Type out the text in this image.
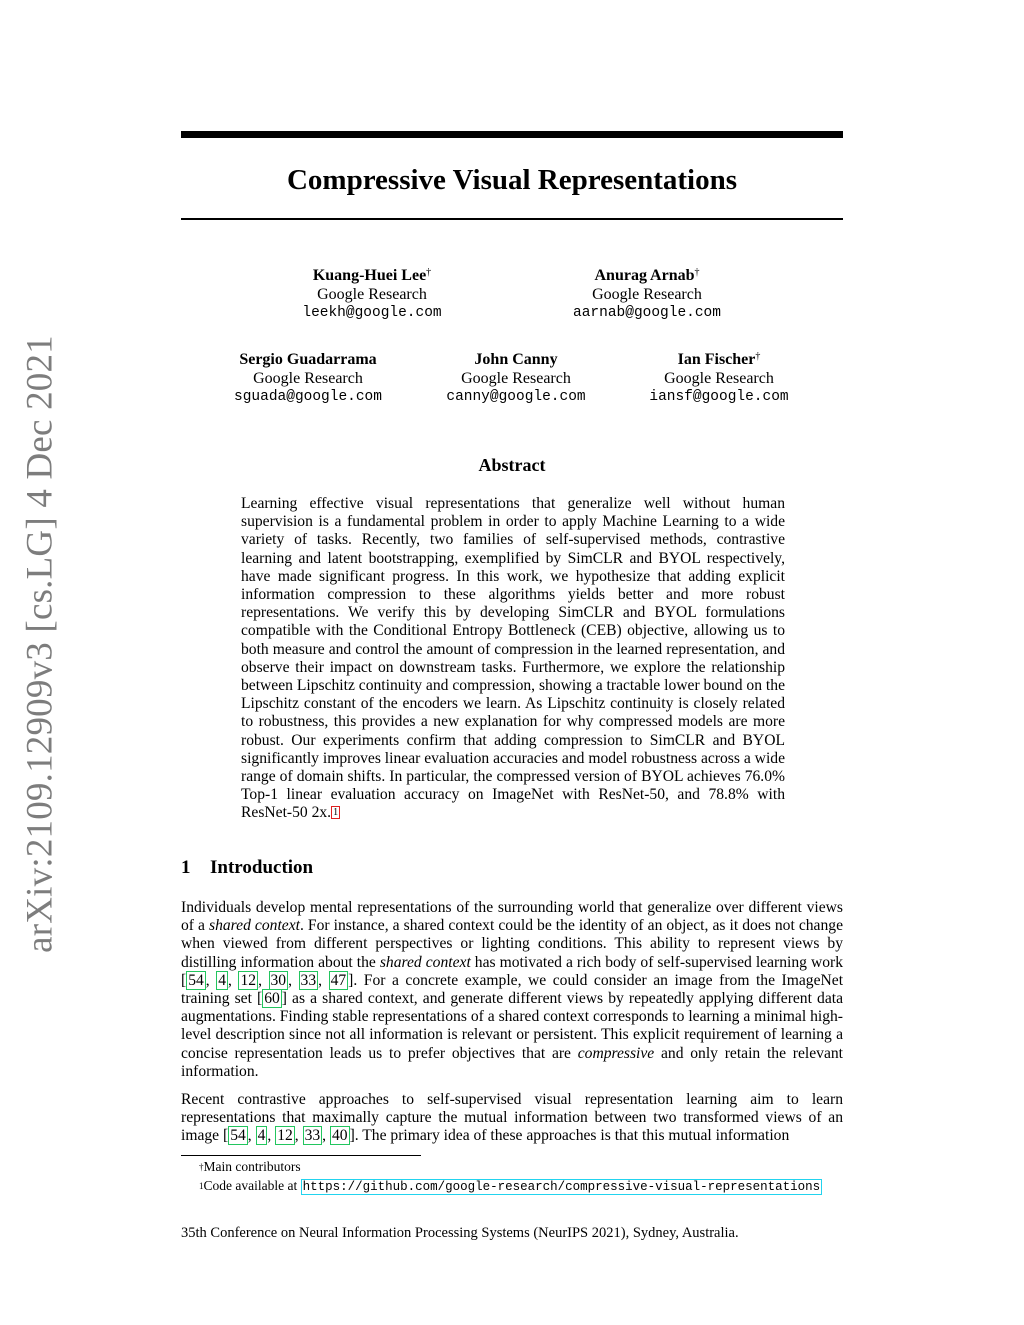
arXiv:2109.12909v3 [cs.LG] 4 Dec 2021
Compressive Visual Representations
Kuang-Huei Lee†
Google Research
leekh@google.com
Anurag Arnab†
Google Research
aarnab@google.com
Sergio Guadarrama
Google Research
sguada@google.com
John Canny
Google Research
canny@google.com
Ian Fischer†
Google Research
iansf@google.com
Abstract
Learning effective visual representations that generalize well without human supervision is a fundamental problem in order to apply Machine Learning to a wide variety of tasks. Recently, two families of self-supervised methods, contrastive learning and latent bootstrapping, exemplified by SimCLR and BYOL respectively, have made significant progress. In this work, we hypothesize that adding explicit information compression to these algorithms yields better and more robust representations. We verify this by developing SimCLR and BYOL formulations compatible with the Conditional Entropy Bottleneck (CEB) objective, allowing us to both measure and control the amount of compression in the learned representation, and observe their impact on downstream tasks. Furthermore, we explore the relationship between Lipschitz continuity and compression, showing a tractable lower bound on the Lipschitz constant of the encoders we learn. As Lipschitz continuity is closely related to robustness, this provides a new explanation for why compressed models are more robust. Our experiments confirm that adding compression to SimCLR and BYOL significantly improves linear evaluation accuracies and model robustness across a wide range of domain shifts. In particular, the compressed version of BYOL achieves 76.0% Top-1 linear evaluation accuracy on ImageNet with ResNet-50, and 78.8% with ResNet-50 2x. $^1$
1 Introduction
Individuals develop mental representations of the surrounding world that generalize over different views of a shared context. For instance, a shared context could be the identity of an object, as it does not change when viewed from different perspectives or lighting conditions. This ability to represent views by distilling information about the shared context has motivated a rich body of self-supervised learning work [ 54 , 4 , 12 , 30 , 33 , 47 ]. For a concrete example, we could consider an image from the ImageNet training set [ 60 ] as a shared context, and generate different views by repeatedly applying different data augmentations. Finding stable representations of a shared context corresponds to learning a minimal high-level description since not all information is relevant or persistent. This explicit requirement of learning a concise representation leads us to prefer objectives that are compressive and only retain the relevant information.
Recent contrastive approaches to self-supervised visual representation learning aim to learn representations that maximally capture the mutual information between two transformed views of an image [ 54 , 4 , 12 , 33 , 40 ]. The primary idea of these approaches is that this mutual information
†Main contributors
$^1$Code available at https://github.com/google-research/compressive-visual-representations
35th Conference on Neural Information Processing Systems (NeurIPS 2021), Sydney, Australia.
